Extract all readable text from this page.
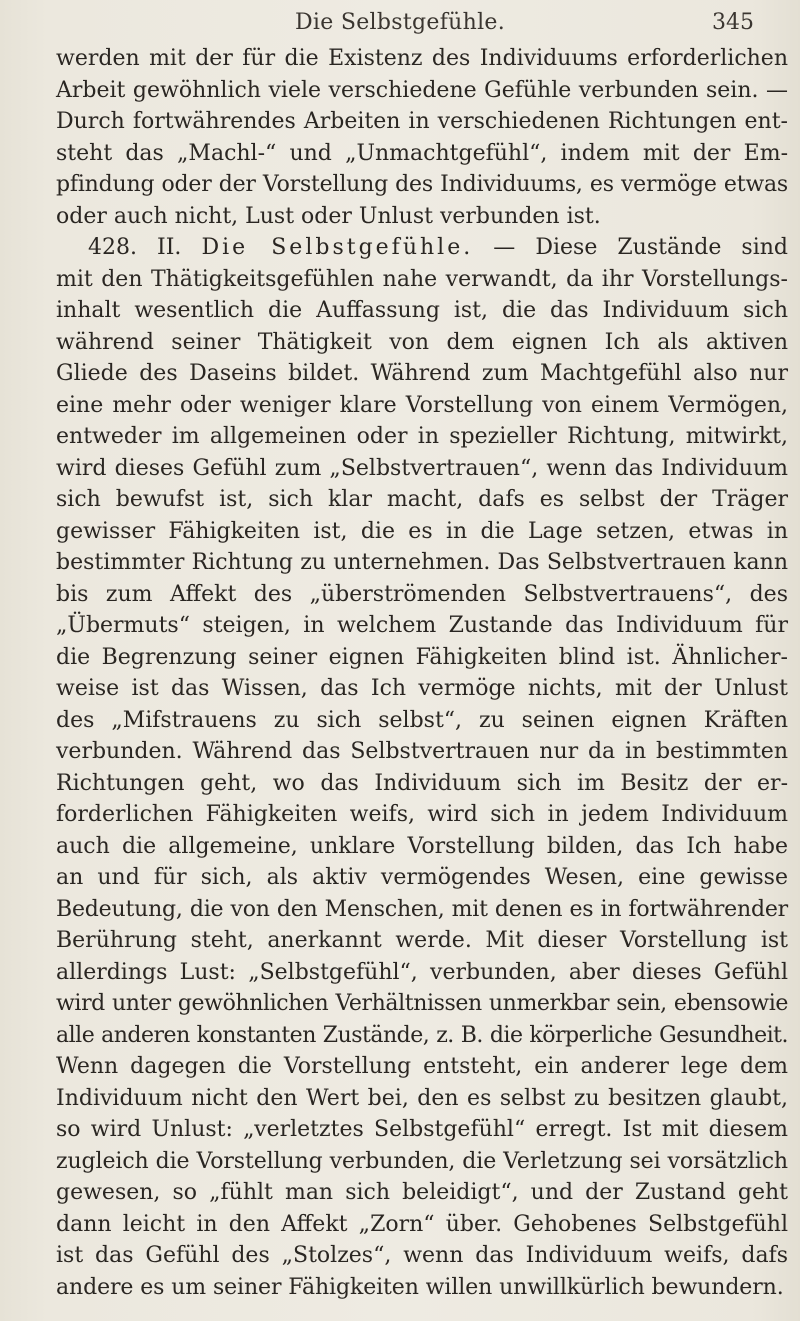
Die Selbstgefühle.	345
werden mit der für die Existenz des Individuums erforderlichen
Arbeit gewöhnlich viele verschiedene Gefühle verbunden sein. —
Durch fortwährendes Arbeiten in verschiedenen Richtungen ent-
steht das „Machl-“ und „Unmachtgefühl“, indem mit der Em-
pfindung oder der Vorstellung des Individuums, es vermöge etwas
oder auch nicht, Lust oder Unlust verbunden ist.
428. II. Die Selbstgefühle. — Diese Zustände sind
mit den Thätigkeitsgefühlen nahe verwandt, da ihr Vorstellungs-
inhalt wesentlich die Auffassung ist, die das Individuum sich
während seiner Thätigkeit von dem eignen Ich als aktiven
Gliede des Daseins bildet. Während zum Machtgefühl also nur
eine mehr oder weniger klare Vorstellung von einem Vermögen,
entweder im allgemeinen oder in spezieller Richtung, mitwirkt,
wird dieses Gefühl zum „Selbstvertrauen“, wenn das Individuum
sich bewufst ist, sich klar macht, dafs es selbst der Träger
gewisser Fähigkeiten ist, die es in die Lage setzen, etwas in
bestimmter Richtung zu unternehmen. Das Selbstvertrauen kann
bis zum Affekt des „überströmenden Selbstvertrauens“, des
„Übermuts“ steigen, in welchem Zustande das Individuum für
die Begrenzung seiner eignen Fähigkeiten blind ist. Ähnlicher-
weise ist das Wissen, das Ich vermöge nichts, mit der Unlust
des „Mifstrauens zu sich selbst“, zu seinen eignen Kräften
verbunden. Während das Selbstvertrauen nur da in bestimmten
Richtungen geht, wo das Individuum sich im Besitz der er-
forderlichen Fähigkeiten weifs, wird sich in jedem Individuum
auch die allgemeine, unklare Vorstellung bilden, das Ich habe
an und für sich, als aktiv vermögendes Wesen, eine gewisse
Bedeutung, die von den Menschen, mit denen es in fortwährender
Berührung steht, anerkannt werde. Mit dieser Vorstellung ist
allerdings Lust: „Selbstgefühl“, verbunden, aber dieses Gefühl
wird unter gewöhnlichen Verhältnissen unmerkbar sein, ebensowie
alle anderen konstanten Zustände, z. B. die körperliche Gesundheit.
Wenn dagegen die Vorstellung entsteht, ein anderer lege dem
Individuum nicht den Wert bei, den es selbst zu besitzen glaubt,
so wird Unlust: „verletztes Selbstgefühl“ erregt. Ist mit diesem
zugleich die Vorstellung verbunden, die Verletzung sei vorsätzlich
gewesen, so „fühlt man sich beleidigt“, und der Zustand geht
dann leicht in den Affekt „Zorn“ über. Gehobenes Selbstgefühl
ist das Gefühl des „Stolzes“, wenn das Individuum weifs, dafs
andere es um seiner Fähigkeiten willen unwillkürlich bewundern.
